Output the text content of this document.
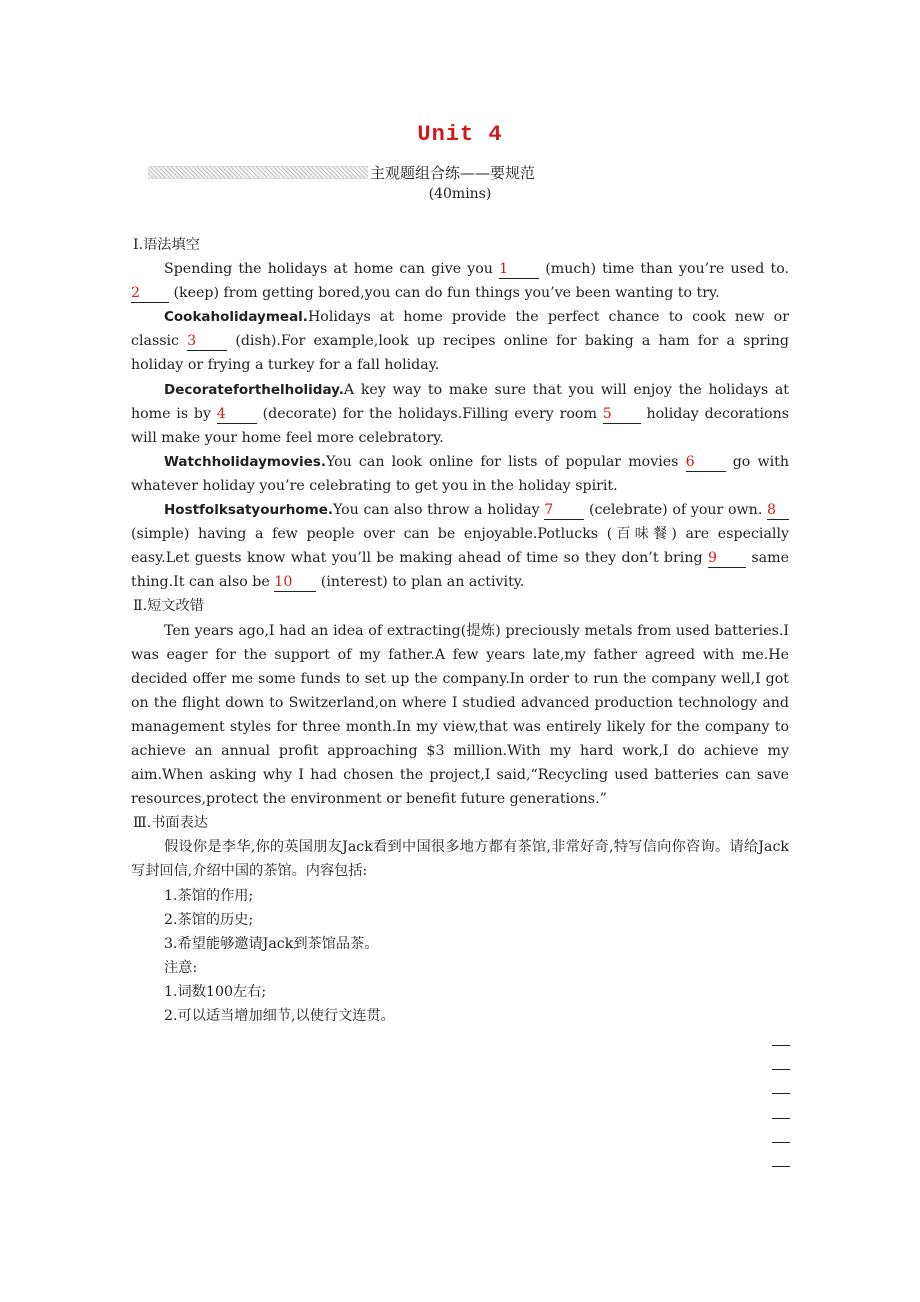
Unit 4
主观题组合练——要规范
(40mins)

Ⅰ.语法填空

Spending the holidays at home can give you 1 (much) time than you’re used to.2 (keep) from getting bored,you can do fun things you’ve been wanting to try.

Cookaholidaymeal.Holidays at home provide the perfect chance to cook new or classic 3 (dish).For example,look up recipes online for baking a ham for a spring holiday or frying a turkey for a fall holiday.

Decorateforthelholiday.A key way to make sure that you will enjoy the holidays at home is by 4 (decorate) for the holidays.Filling every room 5 holiday decorations will make your home feel more celebratory.

Watchholidaymovies.You can look online for lists of popular movies 6 go with whatever holiday you’re celebrating to get you in the holiday spirit.

Hostfolksatyourhome.You can also throw a holiday 7 (celebrate) of your own. 8 (simple) having a few people over can be enjoyable.Potlucks (百味餐) are especially easy.Let guests know what you’ll be making ahead of time so they don’t bring 9 same thing.It can also be 10 (interest) to plan an activity.

Ⅱ.短文改错

Ten years ago,I had an idea of extracting(提炼) preciously metals from used batteries.I was eager for the support of my father.A few years late,my father agreed with me.He decided offer me some funds to set up the company.In order to run the company well,I got on the flight down to Switzerland,on where I studied advanced production technology and management styles for three month.In my view,that was entirely likely for the company to achieve an annual profit approaching $3 million.With my hard work,I do achieve my aim.When asking why I had chosen the project,I said,“Recycling used batteries can save resources,protect the environment or benefit future generations.”

Ⅲ.书面表达

假设你是李华,你的英国朋友Jack看到中国很多地方都有茶馆,非常好奇,特写信向你咨询。请给Jack写封回信,介绍中国的茶馆。内容包括:

1.茶馆的作用;

2.茶馆的历史;

3.希望能够邀请Jack到茶馆品茶。

注意:

1.词数100左右;

2.可以适当增加细节,以使行文连贯。
